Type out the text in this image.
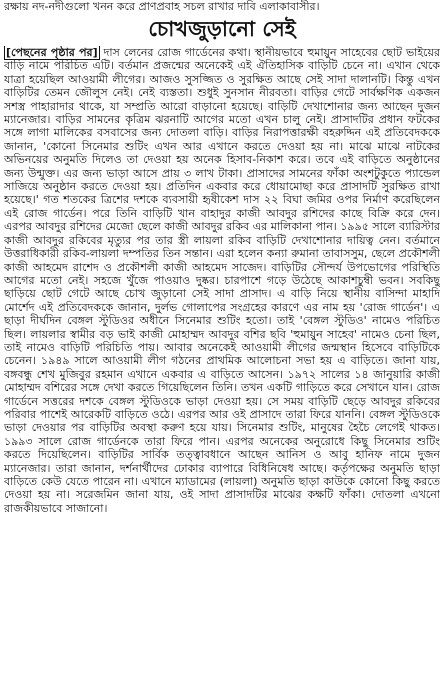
রক্ষায় নদ-নদীগুলো খনন করে প্রাণপ্রবাহ সচল রাখার দাবি এলাকাবাসীর।
চোখজুড়ানো সেই
[পেছনের পৃষ্ঠার পর] দাস লেনের রোজ গার্ডেনের কথা। স্থানীয়ভাবে হুমায়ুন সাহেবের ছোট ভাইয়ের বাড়ি নামে পরিচিত এটি। বর্তমান প্রজন্মের অনেকেই এই ঐতিহাসিক বাড়িটি চেনে না। এখান থেকে যাত্রা হয়েছিল আওয়ামী লীগের। আজও সুসজ্জিত ও সুরক্ষিত আছে সেই সাদা দালানটি। কিন্তু এখন বাড়িটির তেমন জৌলুস নেই। নেই ব্যস্ততা। শুধুই সুনসান নীরবতা। বাড়ির গেটে সার্বক্ষণিক একজন সশস্ত্র পাহারাদার থাকে, যা সম্প্রতি আরো বাড়ানো হয়েছে। বাড়িটি দেখাশোনার জন্য আছেন দুজন ম্যানেজার। বাড়ির সামনের কৃত্রিম ঝরনাটি আগের মতো এখন চালু নেই। প্রাসাদটির প্রধান ফটকের সঙ্গে লাগা মালিকের বসবাসের জন্য দোতলা বাড়ি। বাড়ির নিরাপত্তারক্ষী বহরুদ্দিন এই প্রতিবেদককে জানান, 'কোনো সিনেমার শুটিং এখন আর এখানে করতে দেওয়া হয় না। মাঝে মাঝে নাটকের অভিনয়ের অনুমতি দিলেও তা দেওয়া হয় অনেক হিসাব-নিকাশ করে। তবে এই বাড়িতে অনুষ্ঠানের জন্য উন্মুক্ত। এর জন্য ভাড়া আসে প্রায় ৩ লাখ টাকা। প্রাসাদের সামনের ফাঁকা অংশটুকুতে প্যান্ডেল সাজিয়ে অনুষ্ঠান করতে দেওয়া হয়। প্রতিদিন একবার করে ধোয়ামোছা করে প্রাসাদটি সুরক্ষিত রাখা হয়েছে।' গত শতকের ত্রিশের দশকে ব্যবসায়ী হৃষীকেশ দাস ২২ বিঘা জমির ওপর নির্মাণ করেছিলেন এই রোজ গার্ডেন। পরে তিনি বাড়িটি খান বাহাদুর কাজী আবদুর রশিদের কাছে বিক্রি করে দেন। এরপর আবদুর রশিদের মেজো ছেলে কাজী আবদুর রকিব এর মালিকানা পান। ১৯৯৫ সালে ব্যারিস্টার কাজী আবদুর রকিবের মৃত্যুর পর তার স্ত্রী লায়লা রকিব বাড়িটি দেখাশোনার দায়িত্ব নেন। বর্তমানে উত্তরাধিকারী রকিব-লায়লা দম্পতির তিন সন্তান। এরা হলেন কন্যা রুমানা তাবাসসুম, ছেলে প্রকৌশলী কাজী আহমেদ রাশেদ ও প্রকৌশলী কাজী আহমেদ সাজেদ। বাড়িটির সৌন্দর্য উপভোগের পরিস্থিতি আগের মতো নেই। সহজে খুঁজে পাওয়াও দুষ্কর। চারপাশে গড়ে উঠেছে আকাশচুম্বী ভবন। সবকিছু ছাড়িয়ে ছোট গেটে আছে চোখ জুড়ানো সেই সাদা প্রাসাদ। এ বাড়ি নিয়ে স্থানীয় বাসিন্দা মাহাদি মোর্শেদ এই প্রতিবেদককে জানান, দুর্লভ গোলাপের সংগ্রহের কারণে এর নাম হয় 'রোজ গার্ডেন'। এ ছাড়া দীর্ঘদিন বেঙ্গল স্টুডিওর অধীনে সিনেমার শুটিং হতো। তাই 'বেঙ্গল স্টুডিও' নামেও পরিচিত ছিল। লায়লার স্বামীর বড় ভাই কাজী মোহাম্মদ আবদুর বশির ছবি 'হুমায়ুন সাহেব' নামেও চেনা ছিল, তাই নামেও বাড়িটি পরিচিতি পায়। আবার অনেকেই আওয়ামী লীগের জন্মস্থান হিসেবে বাড়িটিকে চেনেন। ১৯৪৯ সালে আওয়ামী লীগ গঠনের প্রাথমিক আলোচনা সভা হয় এ বাড়িতে। জানা যায়, বঙ্গবন্ধু শেখ মুজিবুর রহমান এখানে একবার এ বাড়িতে আসেন। ১৯৭২ সালের ১৪ জানুয়ারি কাজী মোহাম্মদ বশিরের সঙ্গে দেখা করতে গিয়েছিলেন তিনি। তখন একটি গাড়িতে করে সেখানে যান। রোজ গার্ডেনে সত্তরের দশকে বেঙ্গল স্টুডিওকে ভাড়া দেওয়া হয়। সে সময় বাড়িটি ছেড়ে আবদুর রকিবের পরিবার পাশেই আরেকটি বাড়িতে ওঠে। এরপর আর ওই প্রাসাদে তারা ফিরে যাননি। বেঙ্গল স্টুডিওকে ভাড়া দেওয়ার পর বাড়িটির অবস্থা করুণ হয়ে যায়। সিনেমার শুটিং, মানুষের হৈচৈ লেগেই থাকত। ১৯৯৩ সালে রোজ গার্ডেনকে তারা ফিরে পান। এরপর অনেকের অনুরোধে কিছু সিনেমার শুটিং করতে দিয়েছিলেন। বাড়িটির সার্বিক তত্ত্বাবধানে আছেন আনিস ও আবু হানিফ নামে দুজন ম্যানেজার। তারা জানান, দর্শনার্থীদের ঢোকার ব্যাপারে বিধিনিষেধ আছে। কর্তৃপক্ষের অনুমতি ছাড়া বাড়িতে কেউ যেতে পারেন না। এখানে ম্যাডামের (লায়লা) অনুমতি ছাড়া কাউকে কোনো কিছু করতে দেওয়া হয় না। সরেজমিন জানা যায়, ওই সাদা প্রাসাদটির মাঝের কক্ষটি ফাঁকা। দোতলা এখনো রাজকীয়ভাবে সাজানো।
